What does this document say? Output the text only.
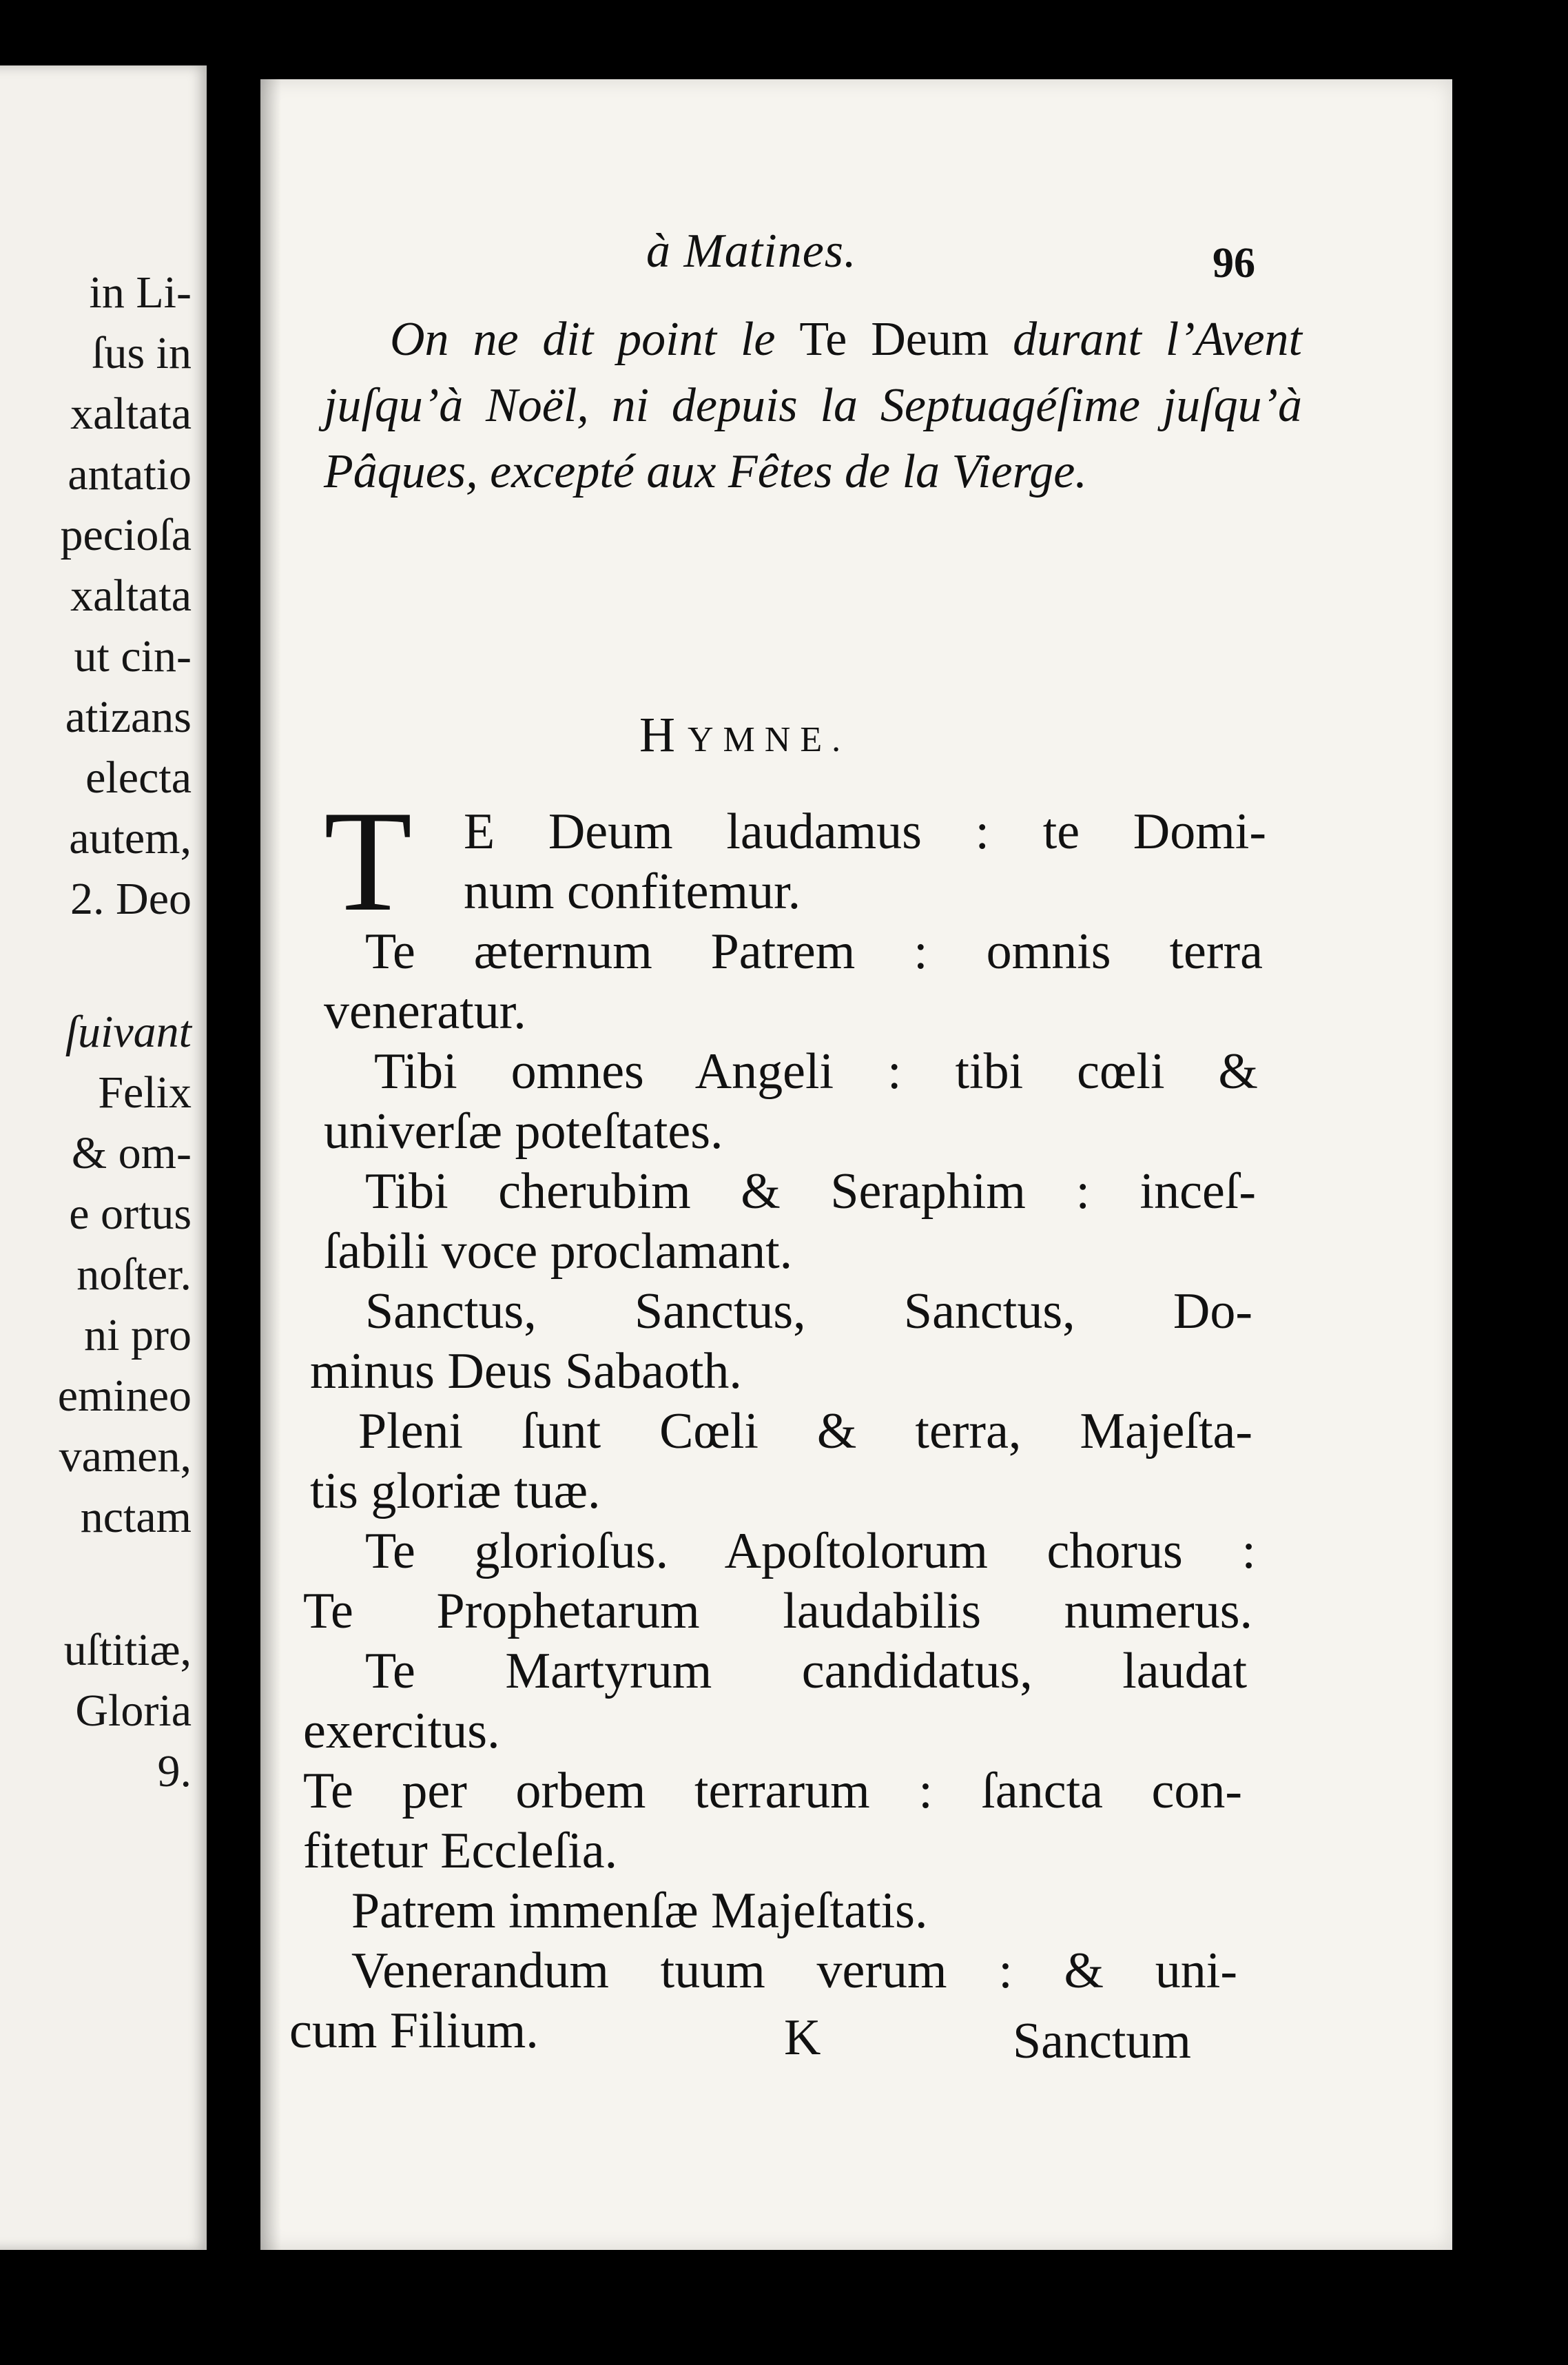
in Li-
ſus in
xaltata
antatio
pecioſa
xaltata
ut cin-
atizans
electa
autem,
2. Deo
ſuivant
Felix
& om-
e ortus
noſter.
ni pro
emineo
vamen,
nctam
uſtitiæ,
Gloria
9.
à Matines.	96
On ne dit point le Te Deum durant l’Avent juſqu’à Noël, ni depuis la Septuagéſime juſqu’à Pâques, excepté aux Fêtes de la Vierge.
HYMNE.
T E Deum laudamus : te Domi-
num confitemur.
Te æternum Patrem : omnis terra
veneratur.
Tibi omnes Angeli : tibi cœli &
univerſæ poteſtates.
Tibi cherubim & Seraphim : inceſ-
ſabili voce proclamant.
Sanctus, Sanctus, Sanctus, Do-
minus Deus Sabaoth.
Pleni ſunt Cœli & terra, Majeſta-
tis gloriæ tuæ.
Te glorioſus. Apoſtolorum chorus :
Te Prophetarum laudabilis numerus.
Te Martyrum candidatus, laudat
exercitus.
Te per orbem terrarum : ſancta con-
fitetur Eccleſia.
Patrem immenſæ Majeſtatis.
Venerandum tuum verum : & uni-
cum Filium.	K	Sanctum
